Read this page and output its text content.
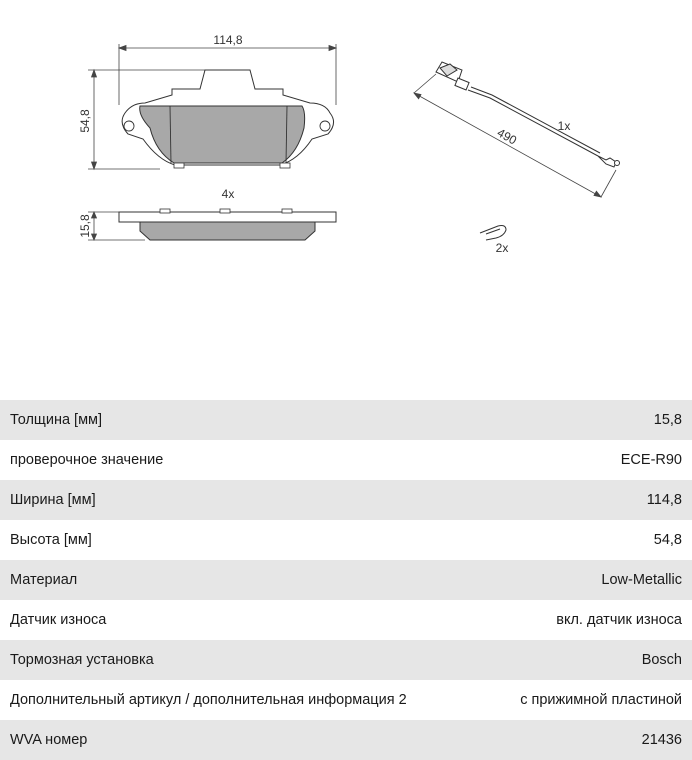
114,8
54,8
4x
15,8
490	1x
2x
Толщина [мм]	15,8
проверочное значение	ECE-R90
Ширина [мм]	114,8
Высота [мм]	54,8
Материал	Low-Metallic
Датчик износа	вкл. датчик износа
Тормозная установка	Bosch
Дополнительный артикул / дополнительная информация 2	с прижимной пластиной
WVA номер	21436
